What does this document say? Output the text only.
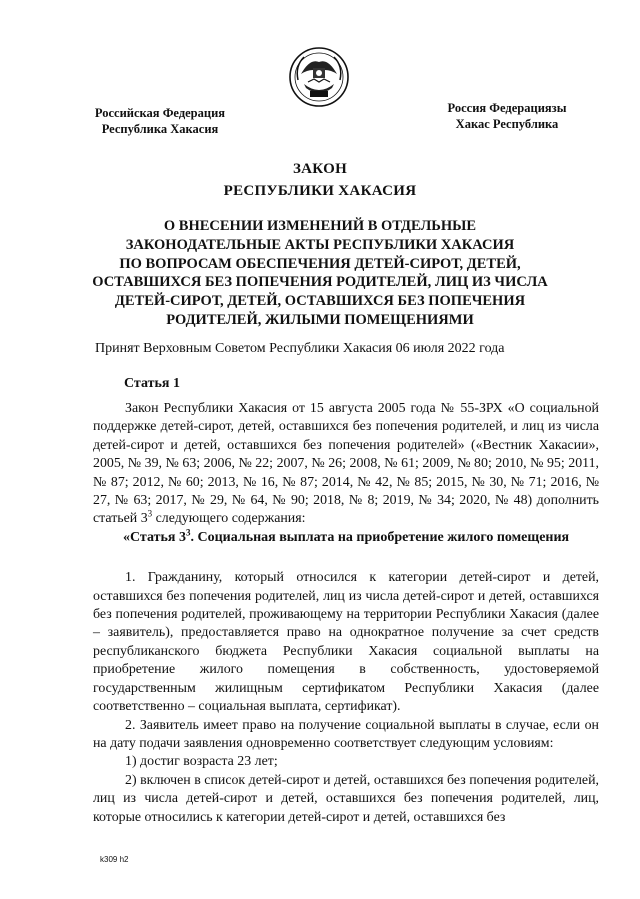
Российская Федерация
Республика Хакасия
Россия Федерациязы
Хакас Республика
ЗАКОН
РЕСПУБЛИКИ ХАКАСИЯ
О ВНЕСЕНИИ ИЗМЕНЕНИЙ В ОТДЕЛЬНЫЕ
ЗАКОНОДАТЕЛЬНЫЕ АКТЫ РЕСПУБЛИКИ ХАКАСИЯ
ПО ВОПРОСАМ ОБЕСПЕЧЕНИЯ ДЕТЕЙ-СИРОТ, ДЕТЕЙ,
ОСТАВШИХСЯ БЕЗ ПОПЕЧЕНИЯ РОДИТЕЛЕЙ, ЛИЦ ИЗ ЧИСЛА
ДЕТЕЙ-СИРОТ, ДЕТЕЙ, ОСТАВШИХСЯ БЕЗ ПОПЕЧЕНИЯ
РОДИТЕЛЕЙ, ЖИЛЫМИ ПОМЕЩЕНИЯМИ
Принят Верховным Советом Республики Хакасия 06 июля 2022 года
Статья 1

Закон Республики Хакасия от 15 августа 2005 года № 55-ЗРХ «О социальной поддержке детей-сирот, детей, оставшихся без попечения родителей, и лиц из числа детей-сирот и детей, оставшихся без попечения родителей» («Вестник Хакасии», 2005, № 39, № 63; 2006, № 22; 2007, № 26; 2008, № 61; 2009, № 80; 2010, № 95; 2011, № 87; 2012, № 60; 2013, № 16, № 87; 2014, № 42, № 85; 2015, № 30, № 71; 2016, № 27, № 63; 2017, № 29, № 64, № 90; 2018, № 8; 2019, № 34; 2020, № 48) дополнить статьей $3^3$ следующего содержания:

«Статья $3^3$. Социальная выплата на приобретение жилого помещения

1. Гражданину, который относился к категории детей-сирот и детей, оставшихся без попечения родителей, лиц из числа детей-сирот и детей, оставшихся без попечения родителей, проживающему на территории Республики Хакасия (далее – заявитель), предоставляется право на однократное получение за счет средств республиканского бюджета Республики Хакасия социальной выплаты на приобретение жилого помещения в собственность, удостоверяемой государственным жилищным сертификатом Республики Хакасия (далее соответственно – социальная выплата, сертификат).

2. Заявитель имеет право на получение социальной выплаты в случае, если он на дату подачи заявления одновременно соответствует следующим условиям:

1) достиг возраста 23 лет;

2) включен в список детей-сирот и детей, оставшихся без попечения родителей, лиц из числа детей-сирот и детей, оставшихся без попечения родителей, лиц, которые относились к категории детей-сирот и детей, оставшихся без

k309 h2
